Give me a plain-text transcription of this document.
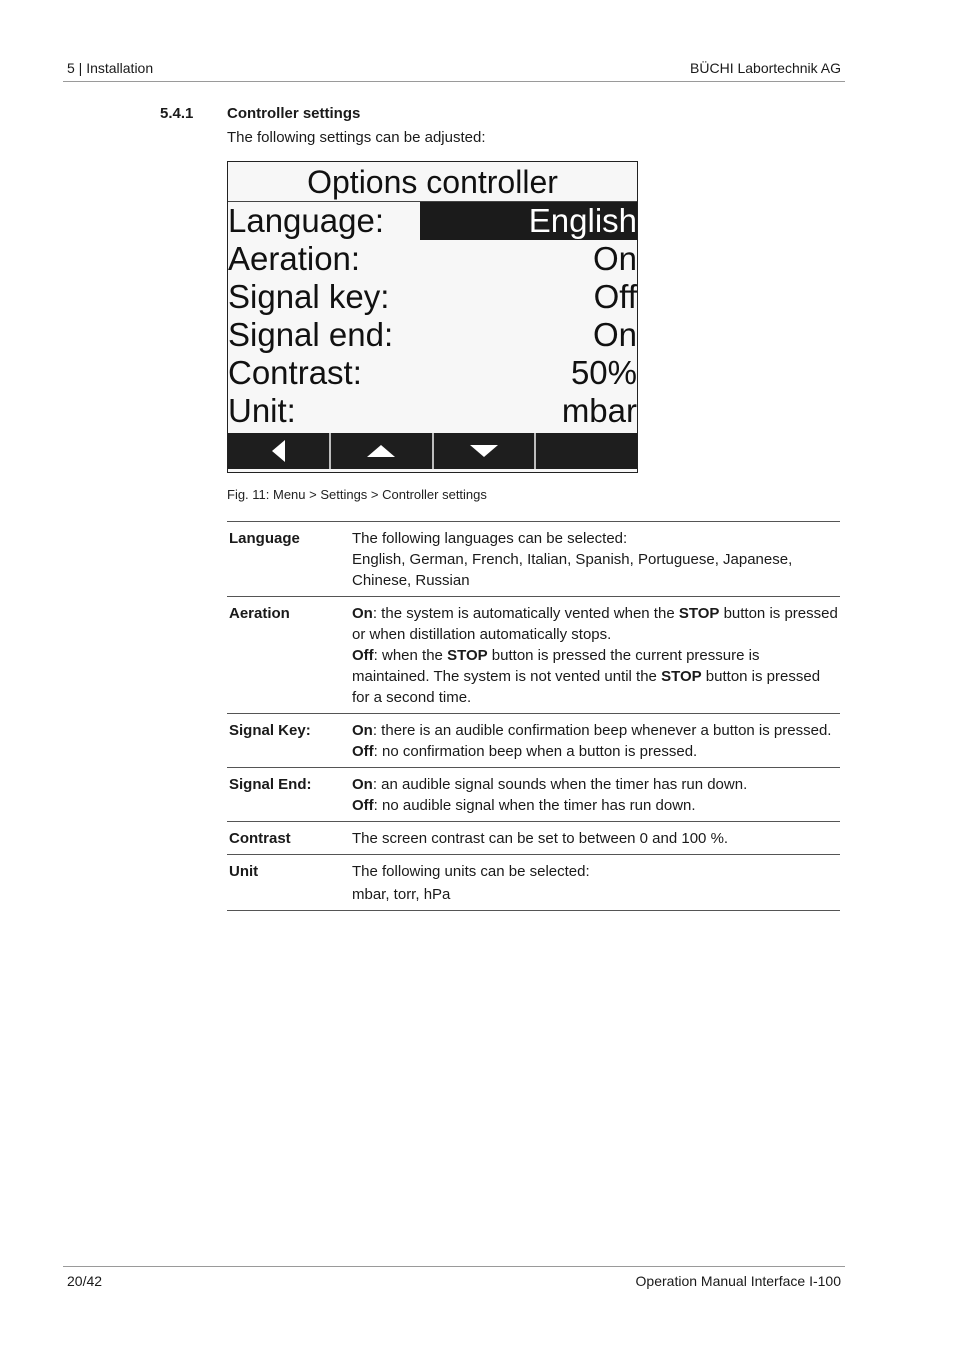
5 | Installation	BÜCHI Labortechnik AG
5.4.1 Controller settings
The following settings can be adjusted:
Options controller
Language:	English
Aeration:	On
Signal key:	Off
Signal end:	On
Contrast:	50%
Unit:	mbar
Fig. 11: Menu > Settings > Controller settings
Language	The following languages can be selected:

English, German, French, Italian, Spanish, Portuguese, Japanese, Chinese, Russian

Aeration	On: the system is automatically vented when the STOP button is pressed or when distillation automatically stops.

Off: when the STOP button is pressed the current pressure is maintained. The system is not vented until the STOP button is pressed for a second time.

Signal Key:	On: there is an audible confirmation beep whenever a button is pressed.

Off: no confirmation beep when a button is pressed.

Signal End:	On: an audible signal sounds when the timer has run down.

Off: no audible signal when the timer has run down.

Contrast	The screen contrast can be set to between 0 and 100 %.

Unit	The following units can be selected:

mbar, torr, hPa

20/42	Operation Manual Interface I-100
